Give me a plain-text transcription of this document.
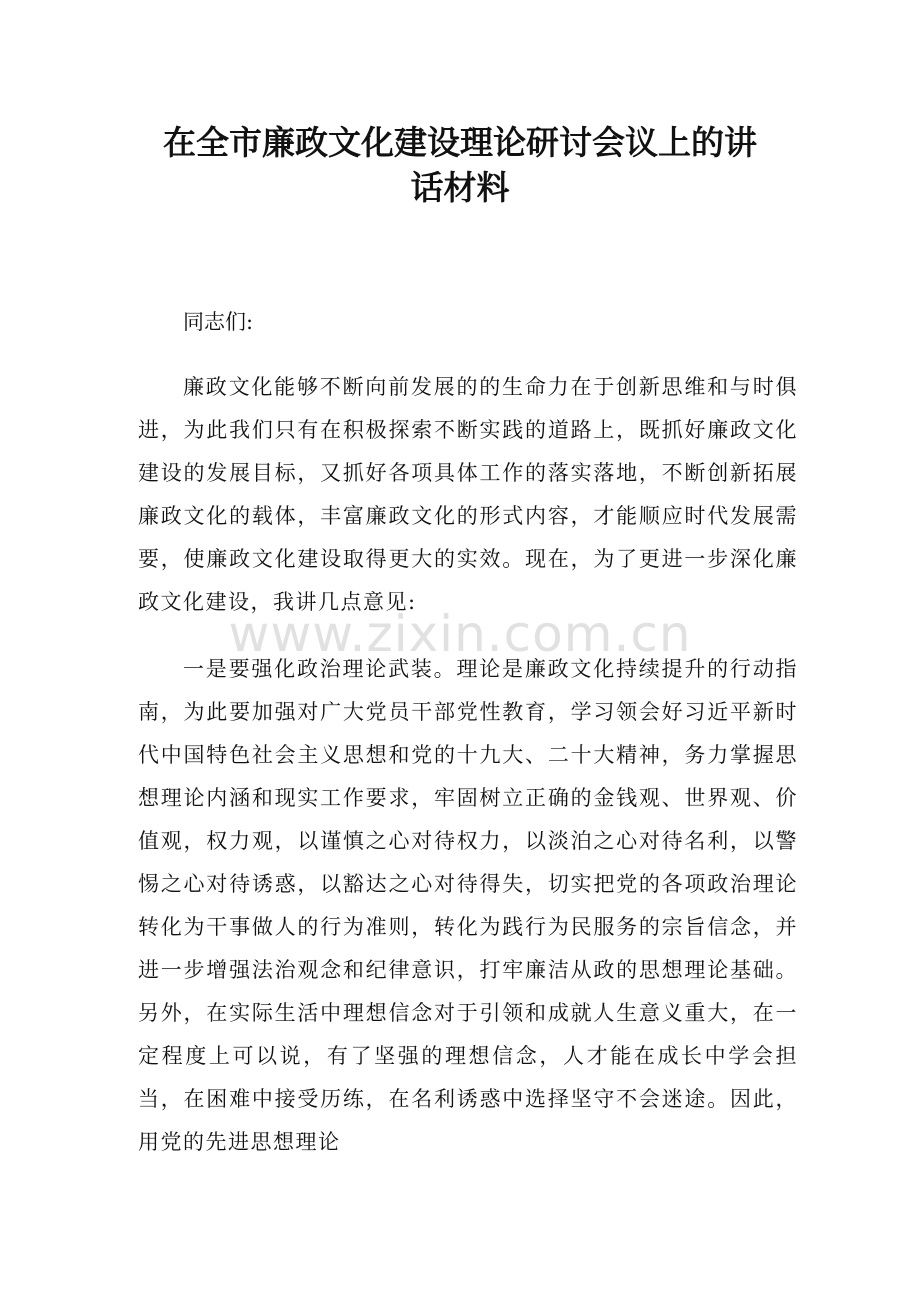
在全市廉政文化建设理论研讨会议上的讲
话材料

同志们:

廉政文化能够不断向前发展的的生命力在于创新思维和与时俱进，为此我们只有在积极探索不断实践的道路上，既抓好廉政文化建设的发展目标，又抓好各项具体工作的落实落地，不断创新拓展廉政文化的载体，丰富廉政文化的形式内容，才能顺应时代发展需要，使廉政文化建设取得更大的实效。现在，为了更进一步深化廉政文化建设，我讲几点意见:

一是要强化政治理论武装。理论是廉政文化持续提升的行动指南，为此要加强对广大党员干部党性教育，学习领会好习近平新时代中国特色社会主义思想和党的十九大、二十大精神，务力掌握思想理论内涵和现实工作要求，牢固树立正确的金钱观、世界观、价值观，权力观，以谨慎之心对待权力，以淡泊之心对待名利，以警惕之心对待诱惑，以豁达之心对待得失，切实把党的各项政治理论转化为干事做人的行为准则，转化为践行为民服务的宗旨信念，并进一步增强法治观念和纪律意识，打牢廉洁从政的思想理论基础。另外，在实际生活中理想信念对于引领和成就人生意义重大，在一定程度上可以说，有了坚强的理想信念，人才能在成长中学会担当，在困难中接受历练，在名利诱惑中选择坚守不会迷途。因此，用党的先进思想理论

www.zixin.com.cn
